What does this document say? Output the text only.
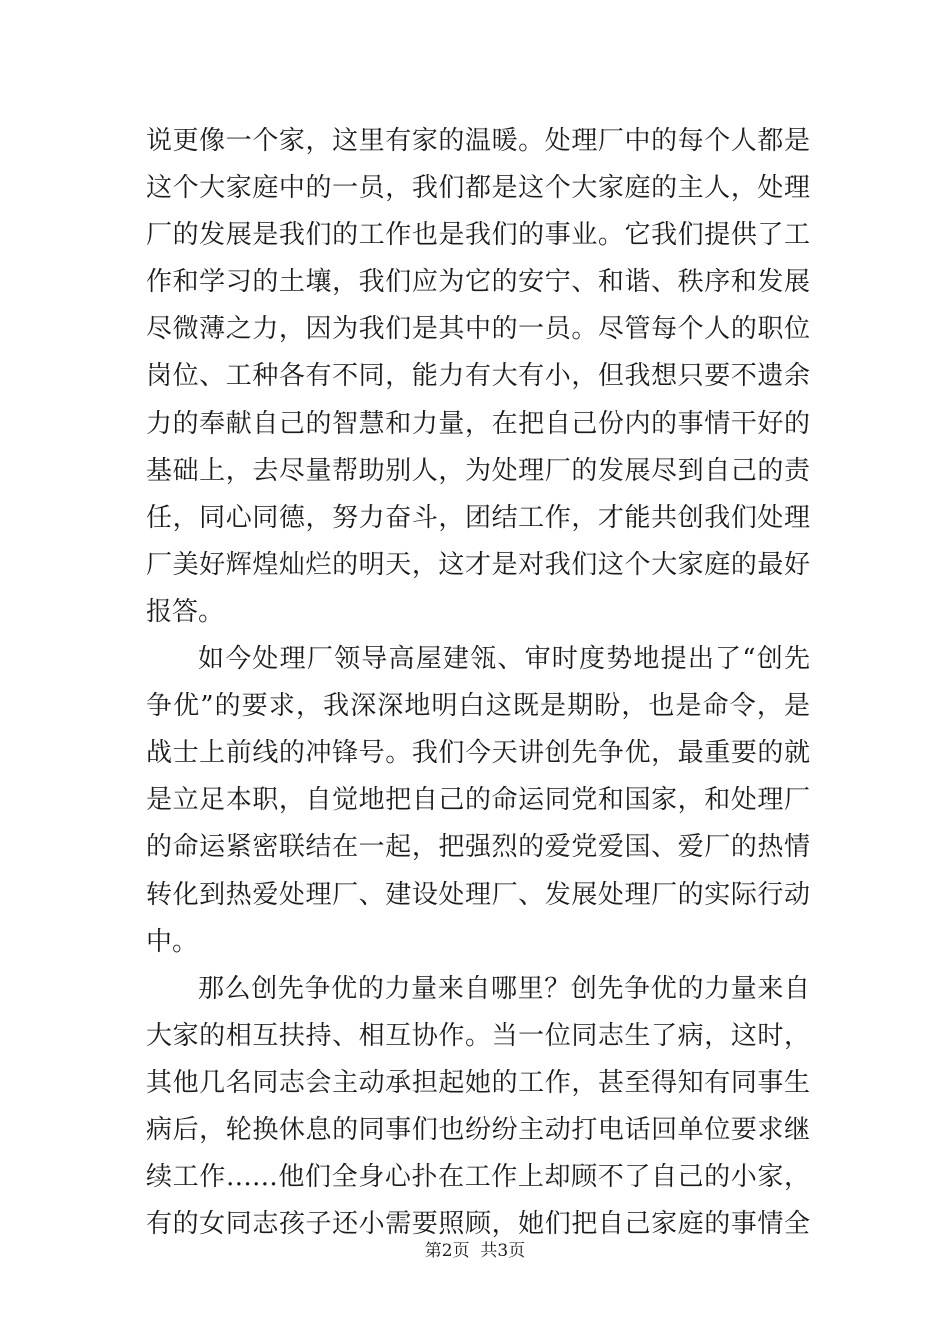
说更像一个家，这里有家的温暖。处理厂中的每个人都是
这个大家庭中的一员，我们都是这个大家庭的主人，处理
厂的发展是我们的工作也是我们的事业。它我们提供了工
作和学习的土壤，我们应为它的安宁、和谐、秩序和发展
尽微薄之力，因为我们是其中的一员。尽管每个人的职位
岗位、工种各有不同，能力有大有小，但我想只要不遗余
力的奉献自己的智慧和力量，在把自己份内的事情干好的
基础上，去尽量帮助别人，为处理厂的发展尽到自己的责
任，同心同德，努力奋斗，团结工作，才能共创我们处理
厂美好辉煌灿烂的明天，这才是对我们这个大家庭的最好
报答。
如今处理厂领导高屋建瓴、审时度势地提出了“创先
争优”的要求，我深深地明白这既是期盼，也是命令，是
战士上前线的冲锋号。我们今天讲创先争优，最重要的就
是立足本职，自觉地把自己的命运同党和国家，和处理厂
的命运紧密联结在一起，把强烈的爱党爱国、爱厂的热情
转化到热爱处理厂、建设处理厂、发展处理厂的实际行动
中。
那么创先争优的力量来自哪里？创先争优的力量来自
大家的相互扶持、相互协作。当一位同志生了病，这时，
其他几名同志会主动承担起她的工作，甚至得知有同事生
病后，轮换休息的同事们也纷纷主动打电话回单位要求继
续工作……他们全身心扑在工作上却顾不了自己的小家，
有的女同志孩子还小需要照顾，她们把自己家庭的事情全
第2页 共3页
